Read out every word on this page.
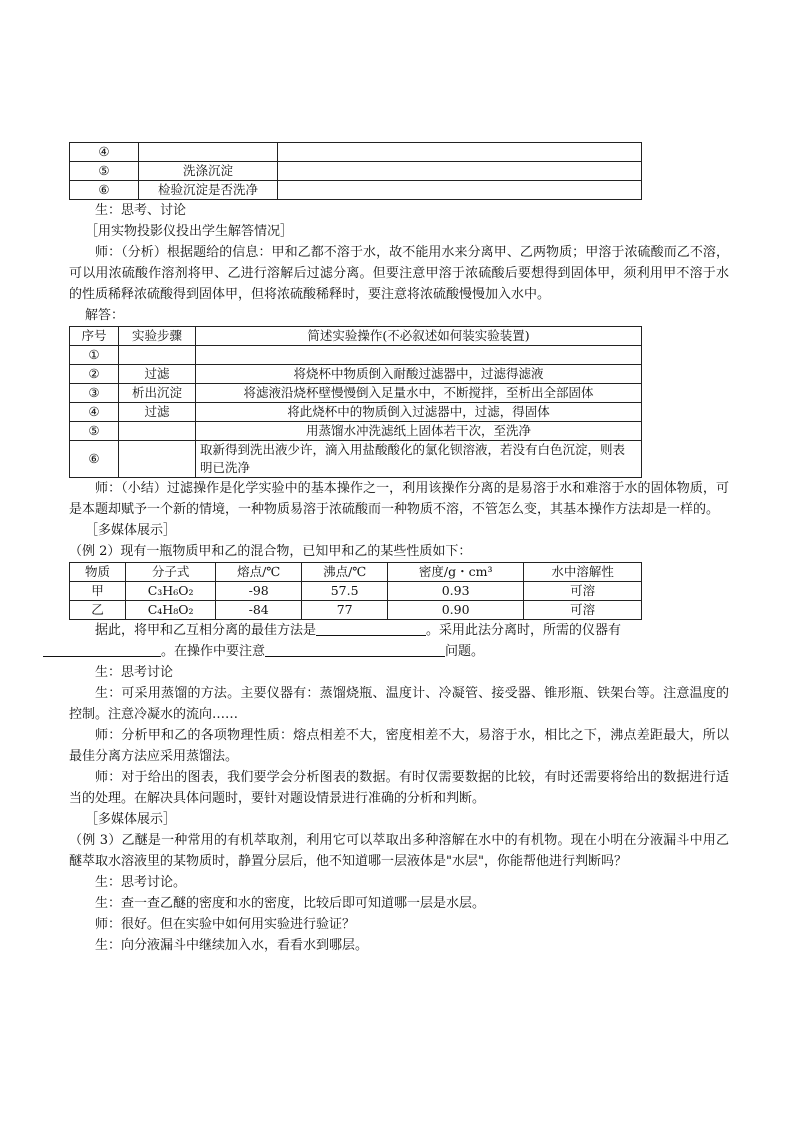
④		
⑤	洗涤沉淀	
⑥	检验沉淀是否洗净	

生：思考、讨论

［用实物投影仪投出学生解答情况］

师：（分析）根据题给的信息：甲和乙都不溶于水，故不能用水来分离甲、乙两物质；甲溶于浓硫酸而乙不溶，可以用浓硫酸作溶剂将甲、乙进行溶解后过滤分离。但要注意甲溶于浓硫酸后要想得到固体甲，须利用甲不溶于水的性质稀释浓硫酸得到固体甲，但将浓硫酸稀释时，要注意将浓硫酸慢慢加入水中。

解答：

序号	实验步骤	简述实验操作(不必叙述如何装实验装置)
①		
②	过滤	将烧杯中物质倒入耐酸过滤器中，过滤得滤液
③	析出沉淀	将滤液沿烧杯壁慢慢倒入足量水中，不断搅拌，至析出全部固体
④	过滤	将此烧杯中的物质倒入过滤器中，过滤，得固体
⑤		用蒸馏水冲洗滤纸上固体若干次，至洗净
⑥		取新得到洗出液少许，滴入用盐酸酸化的氯化钡溶液，若没有白色沉淀，则表明已洗净

师：（小结）过滤操作是化学实验中的基本操作之一，利用该操作分离的是易溶于水和难溶于水的固体物质，可是本题却赋予一个新的情境，一种物质易溶于浓硫酸而一种物质不溶，不管怎么变，其基本操作方法却是一样的。

［多媒体展示］

（例 2）现有一瓶物质甲和乙的混合物，已知甲和乙的某些性质如下：

物质	分子式	熔点/℃	沸点/℃	密度/g・cm³	水中溶解性
甲	C₃H₆O₂	-98	57.5	0.93	可溶
乙	C₄H₈O₂	-84	77	0.90	可溶

据此，将甲和乙互相分离的最佳方法是	。采用此法分离时，所需的仪器有
。在操作中要注意	问题。

生：思考讨论

生：可采用蒸馏的方法。主要仪器有：蒸馏烧瓶、温度计、冷凝管、接受器、锥形瓶、铁架台等。注意温度的控制。注意冷凝水的流向……

师：分析甲和乙的各项物理性质：熔点相差不大，密度相差不大，易溶于水，相比之下，沸点差距最大，所以最佳分离方法应采用蒸馏法。

师：对于给出的图表，我们要学会分析图表的数据。有时仅需要数据的比较，有时还需要将给出的数据进行适当的处理。在解决具体问题时，要针对题设情景进行准确的分析和判断。

［多媒体展示］

（例 3）乙醚是一种常用的有机萃取剂，利用它可以萃取出多种溶解在水中的有机物。现在小明在分液漏斗中用乙醚萃取水溶液里的某物质时，静置分层后，他不知道哪一层液体是"水层"，你能帮他进行判断吗？

生：思考讨论。

生：查一查乙醚的密度和水的密度，比较后即可知道哪一层是水层。

师：很好。但在实验中如何用实验进行验证？

生：向分液漏斗中继续加入水，看看水到哪层。
